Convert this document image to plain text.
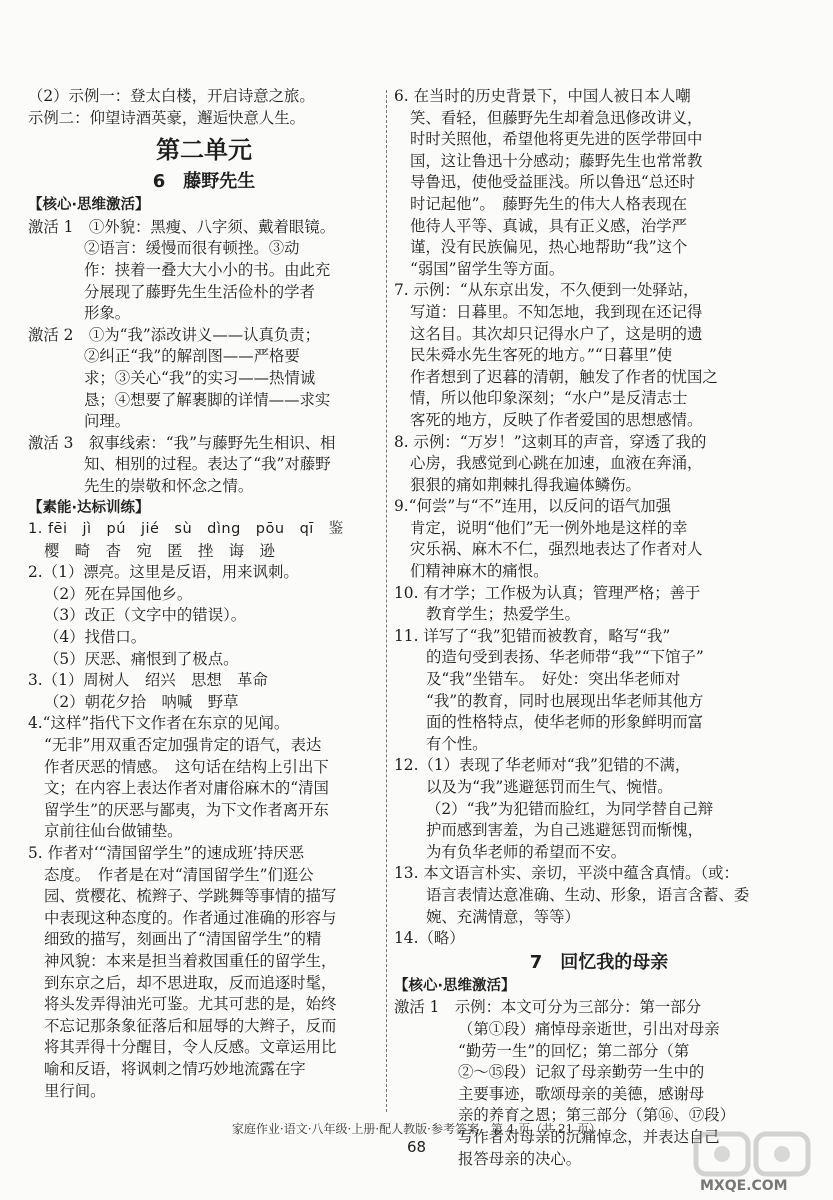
（2）示例一：登太白楼，开启诗意之旅。
示例二：仰望诗酒英豪，邂逅快意人生。
第二单元
6　藤野先生
【核心·思维激活】
激活 1　①外貌：黑瘦、八字须、戴着眼镜。
②语言：缓慢而很有顿挫。③动
作：挟着一叠大大小小的书。由此充
分展现了藤野先生生活俭朴的学者
形象。
激活 2　①为“我”添改讲义——认真负责；
②纠正“我”的解剖图——严格要
求；③关心“我”的实习——热情诚
恳；④想要了解裹脚的详情——求实
问理。
激活 3　叙事线索：“我”与藤野先生相识、相
知、相别的过程。表达了“我”对藤野
先生的崇敬和怀念之情。
【素能·达标训练】
1. fēi　jì　pú　jié　sù　dìng　pōu　qī　鉴
樱　畸　杳　宛　匿　挫　诲　逊
2.（1）漂亮。这里是反语，用来讽刺。
（2）死在异国他乡。
（3）改正（文字中的错误）。
（4）找借口。
（5）厌恶、痛恨到了极点。
3.（1）周树人　绍兴　思想　革命
（2）朝花夕拾　呐喊　野草
4.“这样”指代下文作者在东京的见闻。
“无非”用双重否定加强肯定的语气，表达
作者厌恶的情感。　这句话在结构上引出下
文；在内容上表达作者对庸俗麻木的“清国
留学生”的厌恶与鄙夷，为下文作者离开东
京前往仙台做铺垫。
5. 作者对‘“清国留学生”的速成班’持厌恶
态度。　作者是在对“清国留学生”们逛公
园、赏樱花、梳辫子、学跳舞等事情的描写
中表现这种态度的。作者通过准确的形容与
细致的描写，刻画出了“清国留学生”的精
神风貌：本来是担当着救国重任的留学生，
到东京之后，却不思进取，反而追逐时髦，
将头发弄得油光可鉴。尤其可悲的是，始终
不忘记那条象征落后和屈辱的大辫子，反而
将其弄得十分醒目，令人反感。文章运用比
喻和反语，将讽刺之情巧妙地流露在字
里行间。
6. 在当时的历史背景下，中国人被日本人嘲
笑、看轻，但藤野先生却着急迅修改讲义，
时时关照他，希望他将更先进的医学带回中
国，这让鲁迅十分感动；藤野先生也常常教
导鲁迅，使他受益匪浅。所以鲁迅“总还时
时记起他”。　藤野先生的伟大人格表现在
他待人平等、真诚，具有正义感，治学严
谨，没有民族偏见，热心地帮助“我”这个
“弱国”留学生等方面。
7. 示例：“从东京出发，不久便到一处驿站，
写道：日暮里。不知怎地，我到现在还记得
这名目。其次却只记得水户了，这是明的遗
民朱舜水先生客死的地方。”“日暮里”使
作者想到了迟暮的清朝，触发了作者的忧国之
情，所以他印象深刻；“水户”是反清志士
客死的地方，反映了作者爱国的思想感情。
8. 示例：“万岁！”这刺耳的声音，穿透了我的
心房，我感觉到心跳在加速，血液在奔涌，
狠狠的痛如荆棘扎得我遍体鳞伤。
9.“何尝”与“不”连用，以反问的语气加强
肯定，说明“他们”无一例外地是这样的幸
灾乐祸、麻木不仁，强烈地表达了作者对人
们精神麻木的痛恨。
10. 有才学；工作极为认真；管理严格；善于
教育学生；热爱学生。
11. 详写了“我”犯错而被教育，略写“我”
的造句受到表扬、华老师带“我”“下馆子”
及“我”坐错车。　好处：突出华老师对
“我”的教育，同时也展现出华老师其他方
面的性格特点，使华老师的形象鲜明而富
有个性。
12.（1）表现了华老师对“我”犯错的不满，
以及为“我”逃避惩罚而生气、惋惜。
（2）“我”为犯错而脸红，为同学替自己辩
护而感到害羞，为自己逃避惩罚而惭愧，
为有负华老师的希望而不安。
13. 本文语言朴实、亲切，平淡中蕴含真情。（或：
语言表情达意准确、生动、形象，语言含蓄、委
婉、充满情意，等等）
14.（略）
7　回忆我的母亲
【核心·思维激活】
激活 1　示例：本文可分为三部分：第一部分
（第①段）痛悼母亲逝世，引出对母亲
“勤劳一生”的回忆；第二部分（第
②～⑮段）记叙了母亲勤劳一生中的
主要事迹，歌颂母亲的美德，感谢母
亲的养育之恩；第三部分（第⑯、⑰段）
写作者对母亲的沉痛悼念，并表达自己
报答母亲的决心。
家庭作业·语文·八年级·上册·配人教版·参考答案　第 4 页（共 21 页）
68
MXQE.COM
